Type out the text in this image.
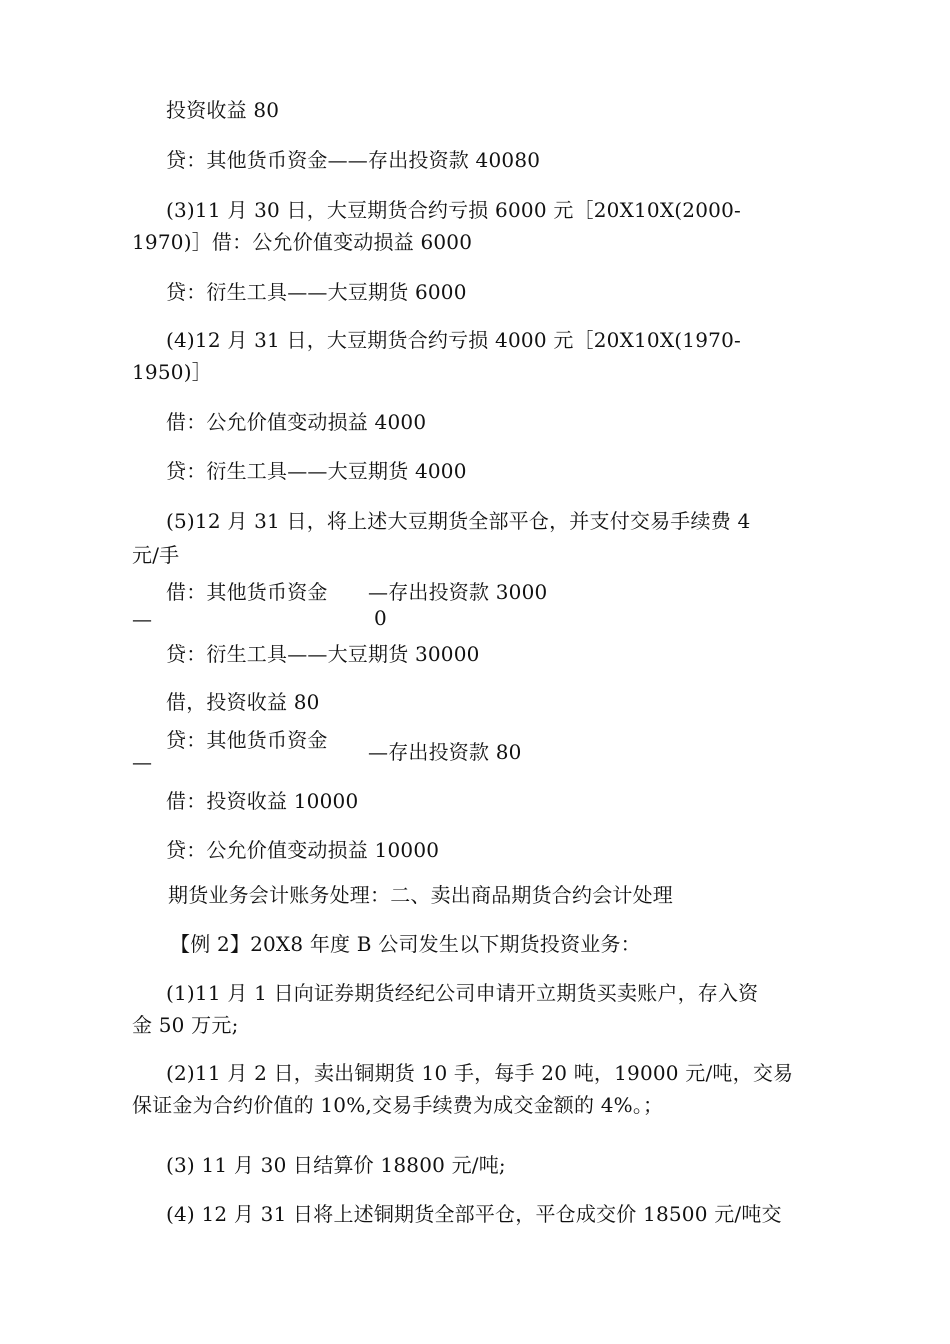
投资收益 80
贷：其他货币资金——存出投资款 40080
(3)11 月 30 日，大豆期货合约亏损 6000 元［20X10X(2000-
1970)］借：公允价值变动损益 6000
贷：衍生工具——大豆期货 6000
(4)12 月 31 日，大豆期货合约亏损 4000 元［20X10X(1970-
1950)］
借：公允价值变动损益 4000
贷：衍生工具——大豆期货 4000
(5)12 月 31 日，将上述大豆期货全部平仓，并支付交易手续费 4
元/手
借：其他货币资金 —存出投资款 3000
—	0
贷：衍生工具——大豆期货 30000
借，投资收益 80
贷：其他货币资金
—	—存出投资款 80
借：投资收益 10000
贷：公允价值变动损益 10000
期货业务会计账务处理：二、卖出商品期货合约会计处理
【例 2】20X8 年度 B 公司发生以下期货投资业务：
(1)11 月 1 日向证券期货经纪公司申请开立期货买卖账户，存入资
金 50 万元;
(2)11 月 2 日，卖出铜期货 10 手，每手 20 吨，19000 元/吨，交易
保证金为合约价值的 10%,交易手续费为成交金额的 4%。；
(3) 11 月 30 日结算价 18800 元/吨;
(4) 12 月 31 日将上述铜期货全部平仓，平仓成交价 18500 元/吨交
